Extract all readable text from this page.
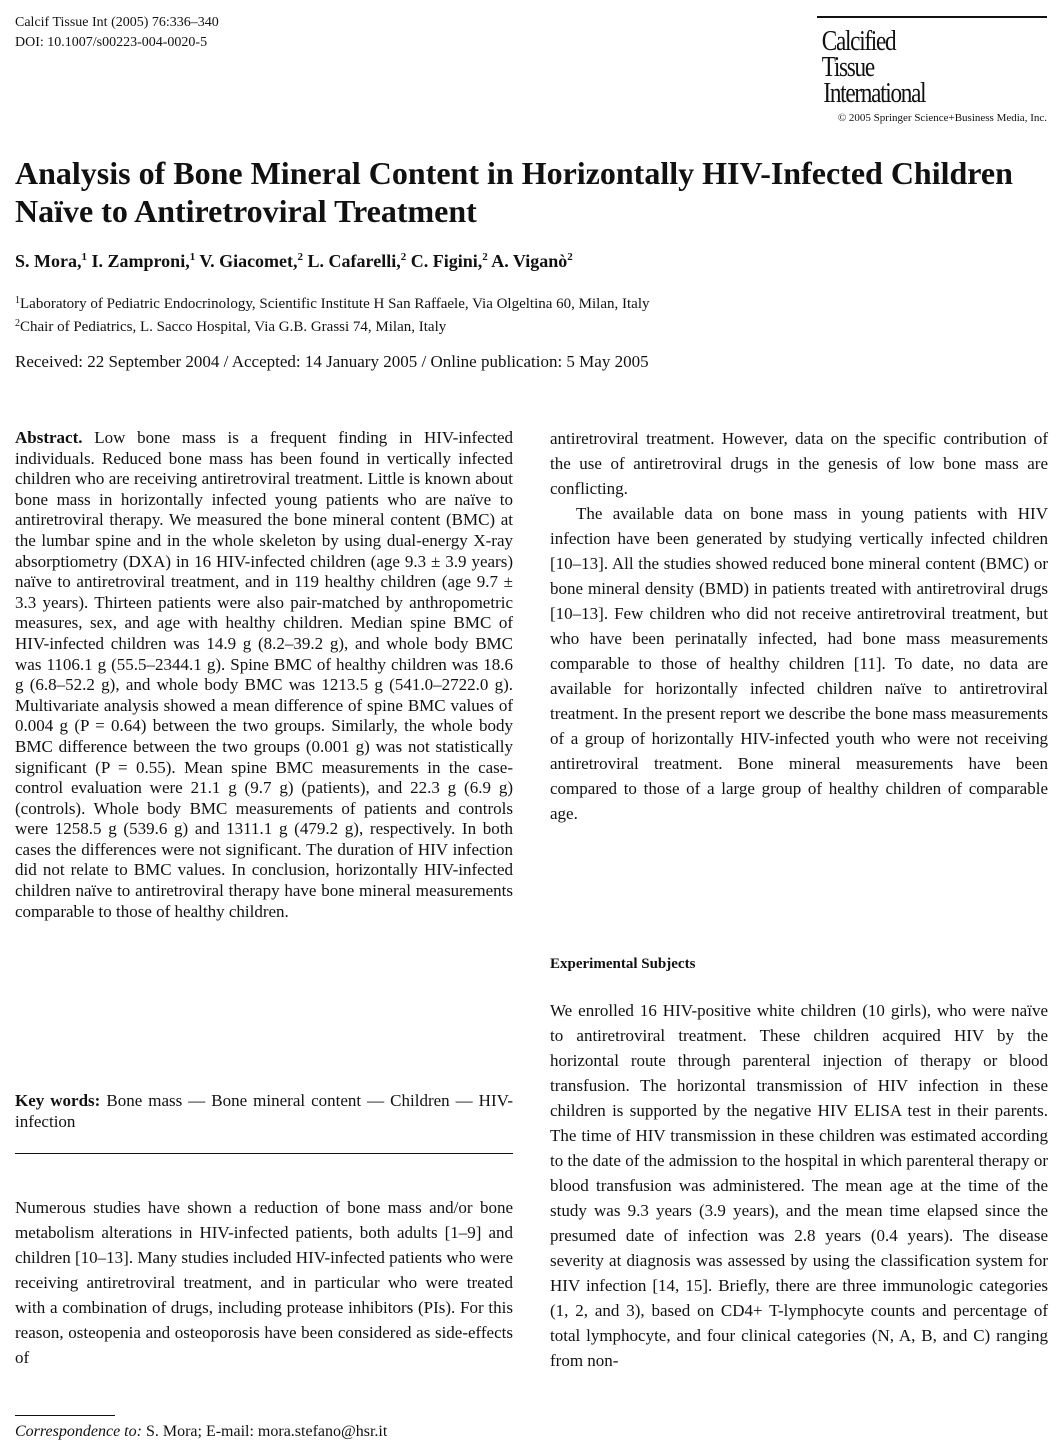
Calcif Tissue Int (2005) 76:336–340
DOI: 10.1007/s00223-004-0020-5	Calcified
Tissue
International
© 2005 Springer Science+Business Media, Inc.
Analysis of Bone Mineral Content in Horizontally HIV-Infected Children Naïve to Antiretroviral Treatment
S. Mora,$^1$ I. Zamproni,$^1$ V. Giacomet,$^2$ L. Cafarelli,$^2$ C. Figini,$^2$ A. Viganò$^2$
$^1$Laboratory of Pediatric Endocrinology, Scientific Institute H San Raffaele, Via Olgeltina 60, Milan, Italy
$^2$Chair of Pediatrics, L. Sacco Hospital, Via G.B. Grassi 74, Milan, Italy
Received: 22 September 2004 / Accepted: 14 January 2005 / Online publication: 5 May 2005
Abstract. Low bone mass is a frequent finding in HIV-infected individuals. Reduced bone mass has been found in vertically infected children who are receiving antiretroviral treatment. Little is known about bone mass in horizontally infected young patients who are naïve to antiretroviral therapy. We measured the bone mineral content (BMC) at the lumbar spine and in the whole skeleton by using dual-energy X-ray absorptiometry (DXA) in 16 HIV-infected children (age 9.3 ± 3.9 years) naïve to antiretroviral treatment, and in 119 healthy children (age 9.7 ± 3.3 years). Thirteen patients were also pair-matched by anthropometric measures, sex, and age with healthy children. Median spine BMC of HIV-infected children was 14.9 g (8.2–39.2 g), and whole body BMC was 1106.1 g (55.5–2344.1 g). Spine BMC of healthy children was 18.6 g (6.8–52.2 g), and whole body BMC was 1213.5 g (541.0–2722.0 g). Multivariate analysis showed a mean difference of spine BMC values of 0.004 g (P = 0.64) between the two groups. Similarly, the whole body BMC difference between the two groups (0.001 g) was not statistically significant (P = 0.55). Mean spine BMC measurements in the case-control evaluation were 21.1 g (9.7 g) (patients), and 22.3 g (6.9 g) (controls). Whole body BMC measurements of patients and controls were 1258.5 g (539.6 g) and 1311.1 g (479.2 g), respectively. In both cases the differences were not significant. The duration of HIV infection did not relate to BMC values. In conclusion, horizontally HIV-infected children naïve to antiretroviral therapy have bone mineral measurements comparable to those of healthy children.
Key words: Bone mass — Bone mineral content — Children — HIV-infection
Numerous studies have shown a reduction of bone mass and/or bone metabolism alterations in HIV-infected patients, both adults [1–9] and children [10–13]. Many studies included HIV-infected patients who were receiving antiretroviral treatment, and in particular who were treated with a combination of drugs, including protease inhibitors (PIs). For this reason, osteopenia and osteoporosis have been considered as side-effects of
Correspondence to: S. Mora; E-mail: mora.stefano@hsr.it

antiretroviral treatment. However, data on the specific contribution of the use of antiretroviral drugs in the genesis of low bone mass are conflicting.

The available data on bone mass in young patients with HIV infection have been generated by studying vertically infected children [10–13]. All the studies showed reduced bone mineral content (BMC) or bone mineral density (BMD) in patients treated with antiretroviral drugs [10–13]. Few children who did not receive antiretroviral treatment, but who have been perinatally infected, had bone mass measurements comparable to those of healthy children [11]. To date, no data are available for horizontally infected children naïve to antiretroviral treatment. In the present report we describe the bone mass measurements of a group of horizontally HIV-infected youth who were not receiving antiretroviral treatment. Bone mineral measurements have been compared to those of a large group of healthy children of comparable age.

Experimental Subjects

We enrolled 16 HIV-positive white children (10 girls), who were naïve to antiretroviral treatment. These children acquired HIV by the horizontal route through parenteral injection of therapy or blood transfusion. The horizontal transmission of HIV infection in these children is supported by the negative HIV ELISA test in their parents. The time of HIV transmission in these children was estimated according to the date of the admission to the hospital in which parenteral therapy or blood transfusion was administered. The mean age at the time of the study was 9.3 years (3.9 years), and the mean time elapsed since the presumed date of infection was 2.8 years (0.4 years). The disease severity at diagnosis was assessed by using the classification system for HIV infection [14, 15]. Briefly, there are three immunologic categories (1, 2, and 3), based on CD4+ T-lymphocyte counts and percentage of total lymphocyte, and four clinical categories (N, A, B, and C) ranging from non-
